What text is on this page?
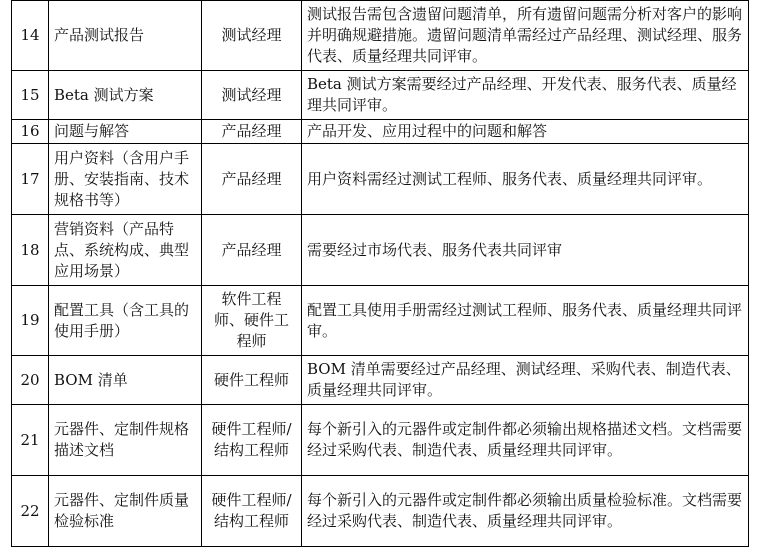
14	产品测试报告	测试经理	测试报告需包含遗留问题清单，所有遗留问题需分析对客户的影响并明确规避措施。遗留问题清单需经过产品经理、测试经理、服务代表、质量经理共同评审。
15	Beta 测试方案	测试经理	Beta 测试方案需要经过产品经理、开发代表、服务代表、质量经理共同评审。
16	问题与解答	产品经理	产品开发、应用过程中的问题和解答
17	用户资料（含用户手册、安装指南、技术规格书等）	产品经理	用户资料需经过测试工程师、服务代表、质量经理共同评审。
18	营销资料（产品特点、系统构成、典型应用场景）	产品经理	需要经过市场代表、服务代表共同评审
19	配置工具（含工具的使用手册）	软件工程师、硬件工程师	配置工具使用手册需经过测试工程师、服务代表、质量经理共同评审。
20	BOM 清单	硬件工程师	BOM 清单需要经过产品经理、测试经理、采购代表、制造代表、质量经理共同评审。
21	元器件、定制件规格描述文档	硬件工程师/结构工程师	每个新引入的元器件或定制件都必须输出规格描述文档。文档需要经过采购代表、制造代表、质量经理共同评审。
22	元器件、定制件质量检验标准	硬件工程师/结构工程师	每个新引入的元器件或定制件都必须输出质量检验标准。文档需要经过采购代表、制造代表、质量经理共同评审。
